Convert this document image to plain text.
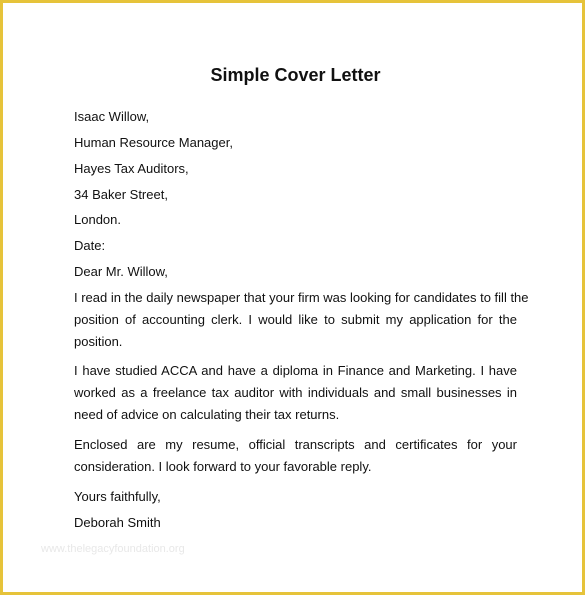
Simple Cover Letter
Isaac Willow,
Human Resource Manager,
Hayes Tax Auditors,
34 Baker Street,
London.
Date:
Dear Mr. Willow,
I read in the daily newspaper that your firm was looking for candidates to fill the
position of accounting clerk. I would like to submit my application for the
position.
I have studied ACCA and have a diploma in Finance and Marketing. I have
worked as a freelance tax auditor with individuals and small businesses in
need of advice on calculating their tax returns.
Enclosed are my resume, official transcripts and certificates for your
consideration. I look forward to your favorable reply.
Yours faithfully,
Deborah Smith
www.thelegacyfoundation.org
